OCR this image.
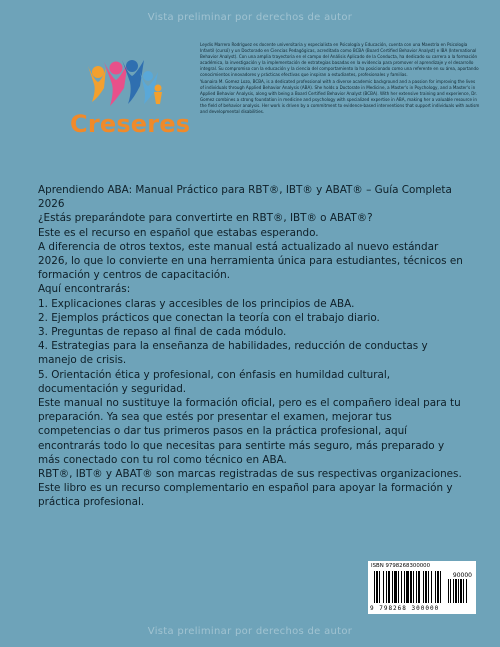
Vista preliminar por derechos de autor
Creseres

Leydis Marrero Rodríguez es docente universitaria y especialista en Psicología y Educación, cuenta con una Maestría en Psicología Infantil (cursó) y un Doctorado en Ciencias Pedagógicas, acreditada como BCBA (Board Certified Behavior Analyst) e IBA (International Behavior Analyst). Con una amplia trayectoria en el campo del Análisis Aplicado de la Conducta, ha dedicado su carrera a la formación académica, la investigación y la implementación de estrategias basadas en la evidencia para promover el aprendizaje y el desarrollo integral. Su compromiso con la educación y la ciencia del comportamiento la ha posicionado como una referente en su área, aportando conocimientos innovadores y prácticas efectivas que inspiran a estudiantes, profesionales y familias.

Yuanaira M. Gomez Lozo, BCBA, is a dedicated professional with a diverse academic background and a passion for improving the lives of individuals through Applied Behavior Analysis (ABA). She holds a Doctorate in Medicine, a Master's in Psychology, and a Master's in Applied Behavior Analysis, along with being a Board Certified Behavior Analyst (BCBA). With her extensive training and experience, Dr. Gomez combines a strong foundation in medicine and psychology with specialized expertise in ABA, making her a valuable resource in the field of behavior analysis. Her work is driven by a commitment to evidence-based interventions that support individuals with autism and developmental disabilities.

Aprendiendo ABA: Manual Práctico para RBT®, IBT® y ABAT® – Guía Completa 2026
¿Estás preparándote para convertirte en RBT®, IBT® o ABAT®?
Este es el recurso en español que estabas esperando.
A diferencia de otros textos, este manual está actualizado al nuevo estándar 2026, lo que lo convierte en una herramienta única para estudiantes, técnicos en formación y centros de capacitación.
Aquí encontrarás:
1. Explicaciones claras y accesibles de los principios de ABA.
2. Ejemplos prácticos que conectan la teoría con el trabajo diario.
3. Preguntas de repaso al final de cada módulo.
4. Estrategias para la enseñanza de habilidades, reducción de conductas y manejo de crisis.
5. Orientación ética y profesional, con énfasis en humildad cultural, documentación y seguridad.
Este manual no sustituye la formación oficial, pero es el compañero ideal para tu preparación. Ya sea que estés por presentar el examen, mejorar tus competencias o dar tus primeros pasos en la práctica profesional, aquí encontrarás todo lo que necesitas para sentirte más seguro, más preparado y más conectado con tu rol como técnico en ABA.
RBT®, IBT® y ABAT® son marcas registradas de sus respectivas organizaciones. Este libro es un recurso complementario en español para apoyar la formación y práctica profesional.
ISBN 9798268300000
90000
9 798268 300000
Vista preliminar por derechos de autor
